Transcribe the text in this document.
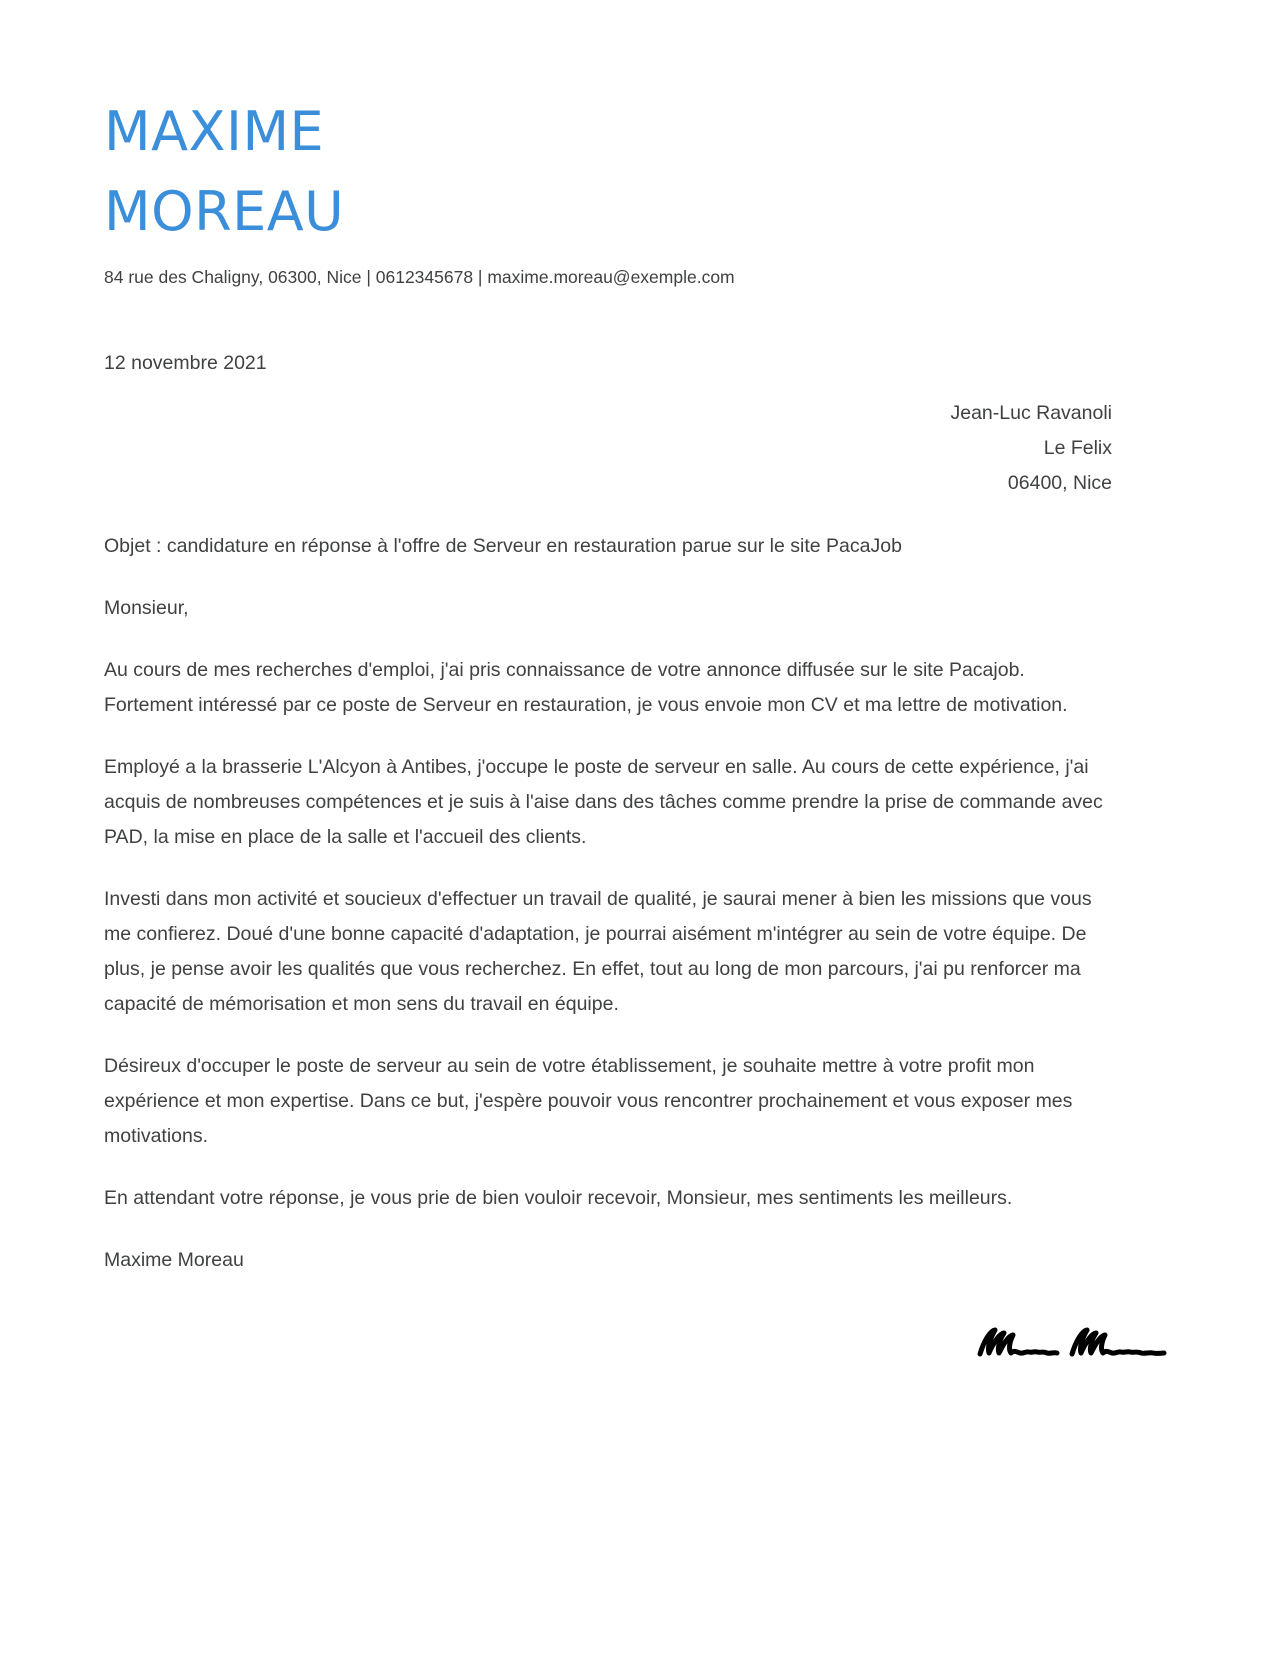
MAXIME
MOREAU
84 rue des Chaligny, 06300, Nice | 0612345678 | maxime.moreau@exemple.com
12 novembre 2021
Jean-Luc Ravanoli
Le Felix
06400, Nice
Objet : candidature en réponse à l'offre de Serveur en restauration parue sur le site PacaJob

Monsieur,

Au cours de mes recherches d'emploi, j'ai pris connaissance de votre annonce diffusée sur le site Pacajob. Fortement intéressé par ce poste de Serveur en restauration, je vous envoie mon CV et ma lettre de motivation.

Employé a la brasserie L'Alcyon à Antibes, j'occupe le poste de serveur en salle. Au cours de cette expérience, j'ai acquis de nombreuses compétences et je suis à l'aise dans des tâches comme prendre la prise de commande avec PAD, la mise en place de la salle et l'accueil des clients.

Investi dans mon activité et soucieux d'effectuer un travail de qualité, je saurai mener à bien les missions que vous me confierez. Doué d'une bonne capacité d'adaptation, je pourrai aisément m'intégrer au sein de votre équipe. De plus, je pense avoir les qualités que vous recherchez. En effet, tout au long de mon parcours, j'ai pu renforcer ma capacité de mémorisation et mon sens du travail en équipe.

Désireux d'occuper le poste de serveur au sein de votre établissement, je souhaite mettre à votre profit mon expérience et mon expertise. Dans ce but, j'espère pouvoir vous rencontrer prochainement et vous exposer mes motivations.

En attendant votre réponse, je vous prie de bien vouloir recevoir, Monsieur, mes sentiments les meilleurs.

Maxime Moreau
